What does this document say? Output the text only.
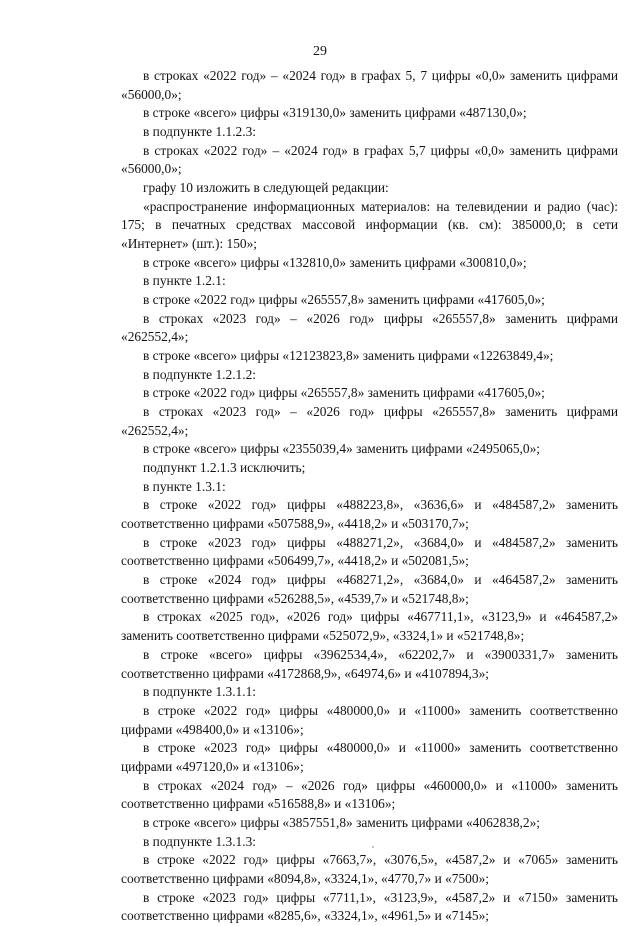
29

в строках «2022 год» – «2024 год» в графах 5, 7 цифры «0,0» заменить цифрами «56000,0»;

в строке «всего» цифры «319130,0» заменить цифрами «487130,0»;

в подпункте 1.1.2.3:

в строках «2022 год» – «2024 год» в графах 5,7 цифры «0,0» заменить цифрами «56000,0»;

графу 10 изложить в следующей редакции:

«распространение информационных материалов: на телевидении и радио (час): 175; в печатных средствах массовой информации (кв. см): 385000,0; в сети «Интернет» (шт.): 150»;

в строке «всего» цифры «132810,0» заменить цифрами «300810,0»;

в пункте 1.2.1:

в строке «2022 год» цифры «265557,8» заменить цифрами «417605,0»;

в строках «2023 год» – «2026 год» цифры «265557,8» заменить цифрами «262552,4»;

в строке «всего» цифры «12123823,8» заменить цифрами «12263849,4»;

в подпункте 1.2.1.2:

в строке «2022 год» цифры «265557,8» заменить цифрами «417605,0»;

в строках «2023 год» – «2026 год» цифры «265557,8» заменить цифрами «262552,4»;

в строке «всего» цифры «2355039,4» заменить цифрами «2495065,0»;

подпункт 1.2.1.3 исключить;

в пункте 1.3.1:

в строке «2022 год» цифры «488223,8», «3636,6» и «484587,2» заменить соответственно цифрами «507588,9», «4418,2» и «503170,7»;

в строке «2023 год» цифры «488271,2», «3684,0» и «484587,2» заменить соответственно цифрами «506499,7», «4418,2» и «502081,5»;

в строке «2024 год» цифры «468271,2», «3684,0» и «464587,2» заменить соответственно цифрами «526288,5», «4539,7» и «521748,8»;

в строках «2025 год», «2026 год» цифры «467711,1», «3123,9» и «464587,2» заменить соответственно цифрами «525072,9», «3324,1» и «521748,8»;

в строке «всего» цифры «3962534,4», «62202,7» и «3900331,7» заменить соответственно цифрами «4172868,9», «64974,6» и «4107894,3»;

в подпункте 1.3.1.1:

в строке «2022 год» цифры «480000,0» и «11000» заменить соответственно цифрами «498400,0» и «13106»;

в строке «2023 год» цифры «480000,0» и «11000» заменить соответственно цифрами «497120,0» и «13106»;

в строках «2024 год» – «2026 год» цифры «460000,0» и «11000» заменить соответственно цифрами «516588,8» и «13106»;

в строке «всего» цифры «3857551,8» заменить цифрами «4062838,2»;

в подпункте 1.3.1.3:

в строке «2022 год» цифры «7663,7», «3076,5», «4587,2» и «7065» заменить соответственно цифрами «8094,8», «3324,1», «4770,7» и «7500»;

в строке «2023 год» цифры «7711,1», «3123,9», «4587,2» и «7150» заменить соответственно цифрами «8285,6», «3324,1», «4961,5» и «7145»;
